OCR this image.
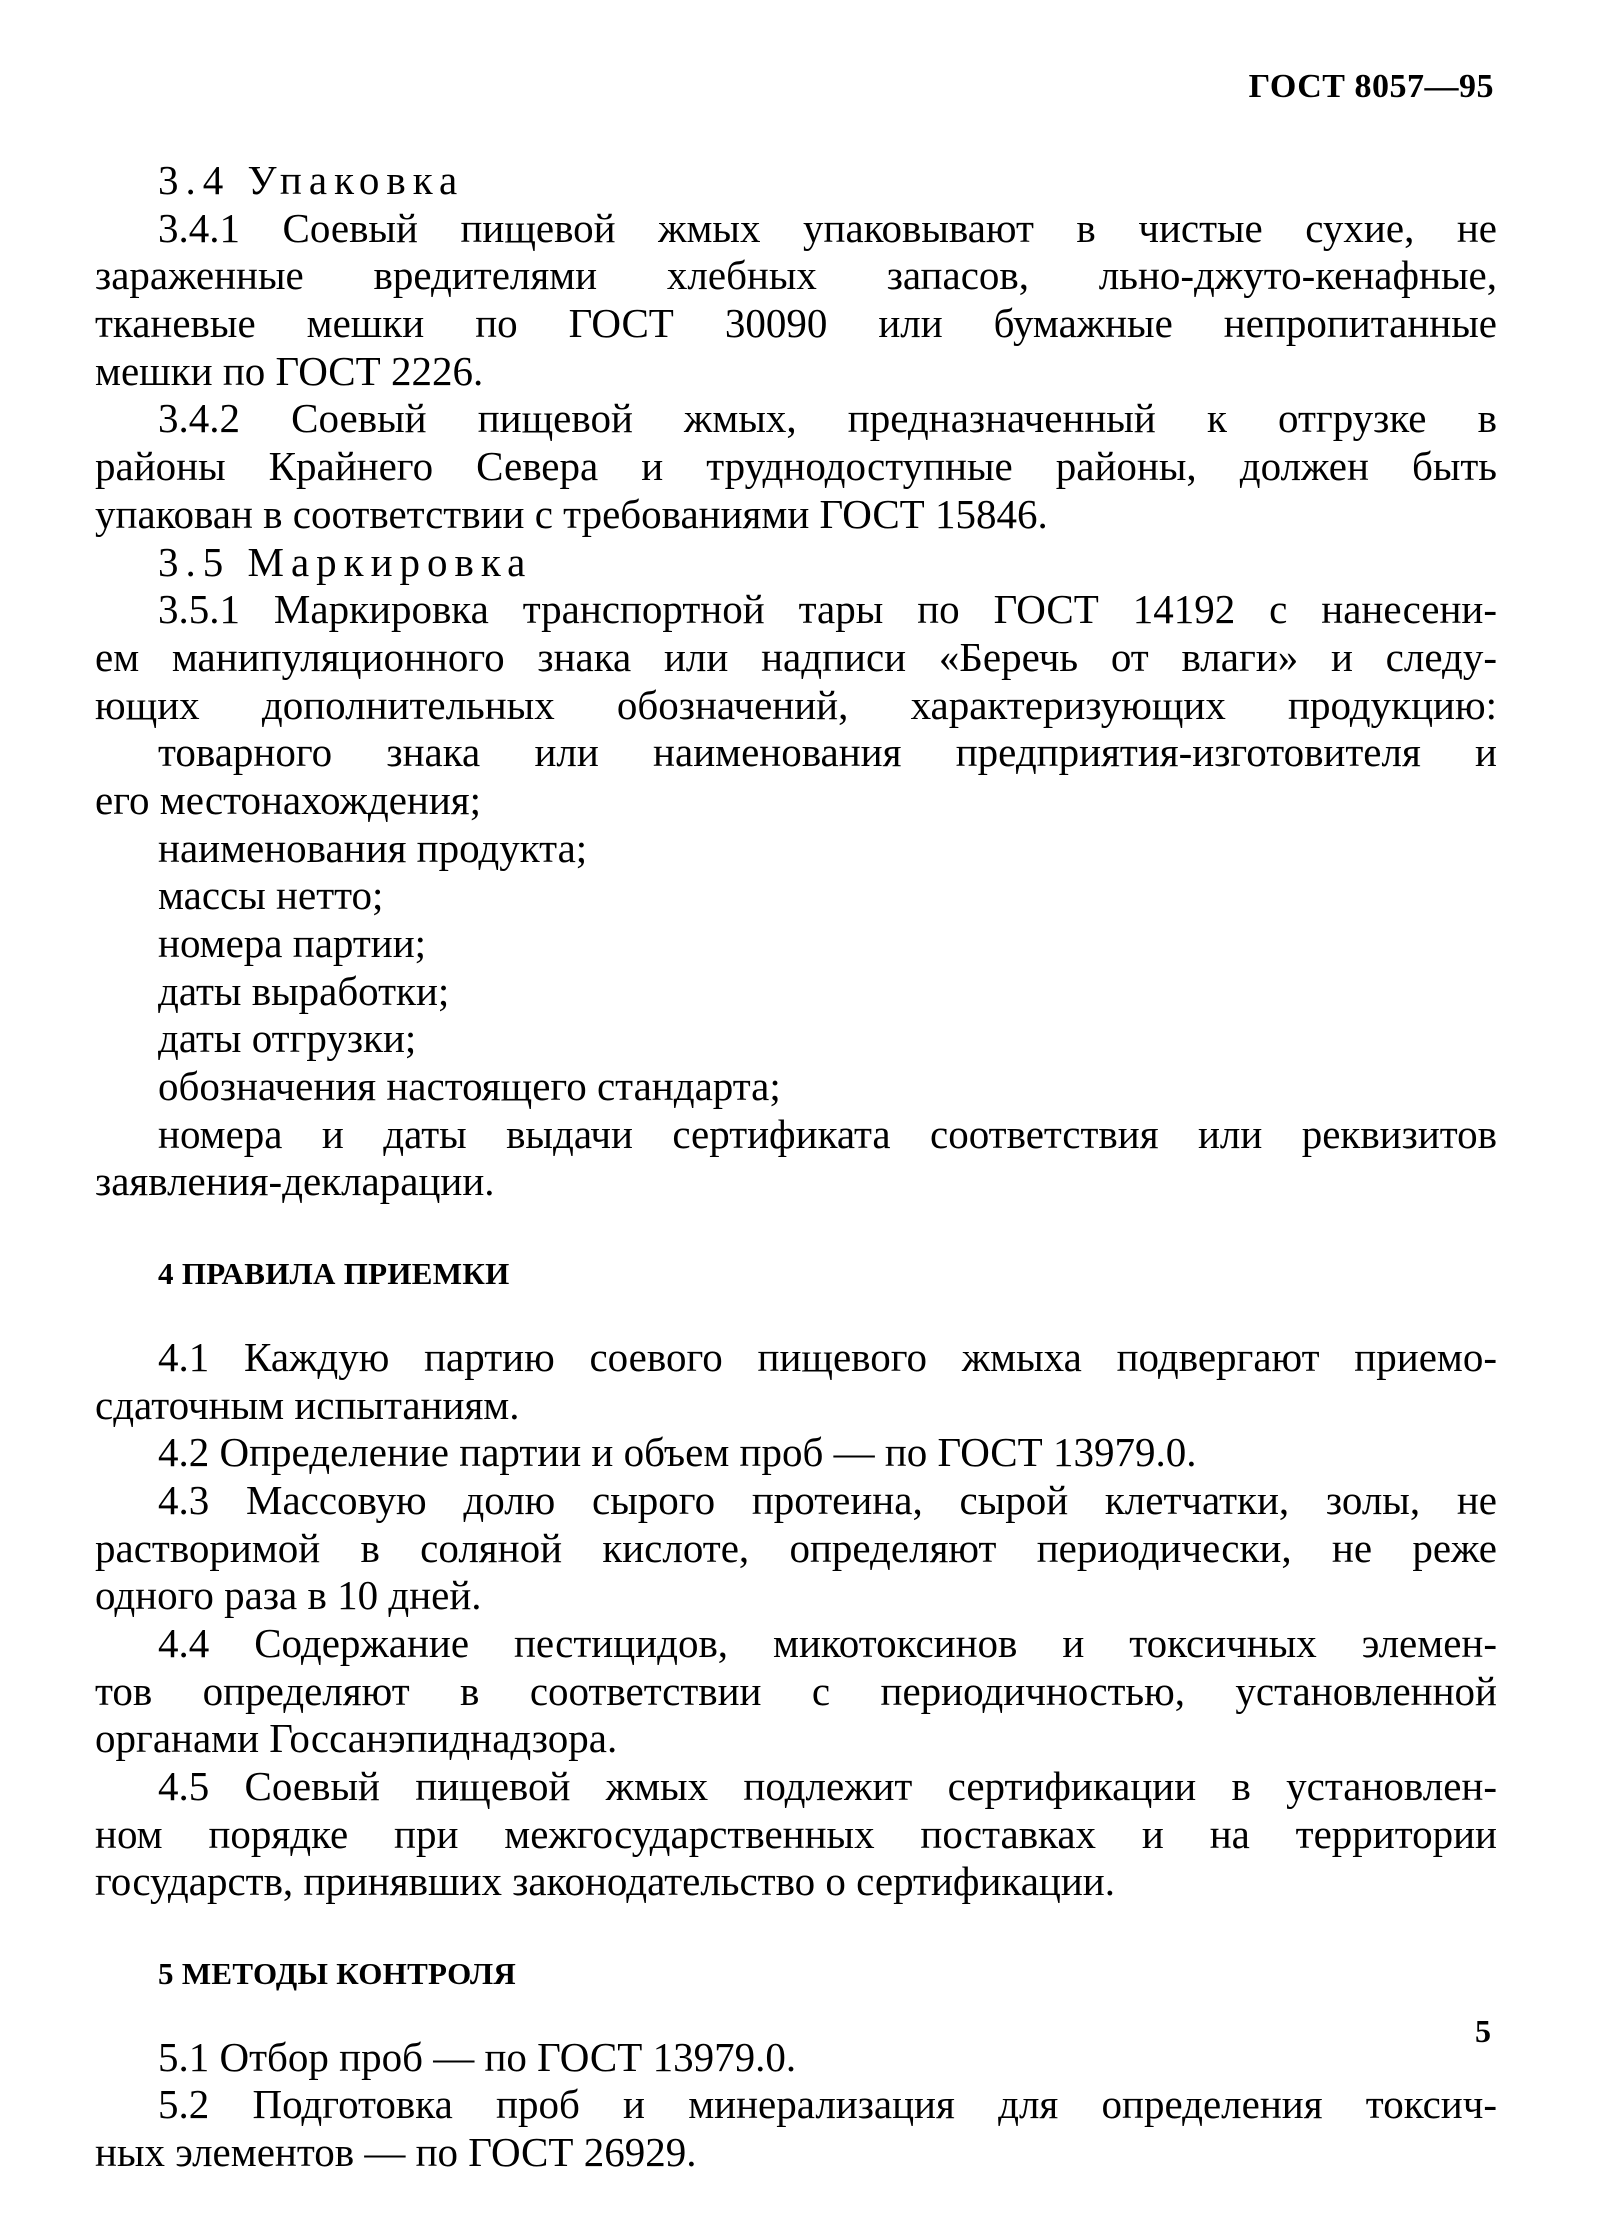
ГОСТ 8057—95
3.4 Упаковка
3.4.1 Соевый пищевой жмых упаковывают в чистые сухие, не
зараженные вредителями хлебных запасов, льно-джуто-кенафные,
тканевые мешки по ГОСТ 30090 или бумажные непропитанные
мешки по ГОСТ 2226.
3.4.2 Соевый пищевой жмых, предназначенный к отгрузке в
районы Крайнего Севера и труднодоступные районы, должен быть
упакован в соответствии с требованиями ГОСТ 15846.
3.5 Маркировка
3.5.1 Маркировка транспортной тары по ГОСТ 14192 с нанесени-
ем манипуляционного знака или надписи «Беречь от влаги» и следу-
ющих дополнительных обозначений, характеризующих продукцию:
товарного знака или наименования предприятия-изготовителя и
его местонахождения;
наименования продукта;
массы нетто;
номера партии;
даты выработки;
даты отгрузки;
обозначения настоящего стандарта;
номера и даты выдачи сертификата соответствия или реквизитов
заявления-декларации.
4 ПРАВИЛА ПРИЕМКИ
4.1 Каждую партию соевого пищевого жмыха подвергают приемо-
сдаточным испытаниям.
4.2 Определение партии и объем проб — по ГОСТ 13979.0.
4.3 Массовую долю сырого протеина, сырой клетчатки, золы, не
растворимой в соляной кислоте, определяют периодически, не реже
одного раза в 10 дней.
4.4 Содержание пестицидов, микотоксинов и токсичных элемен-
тов определяют в соответствии с периодичностью, установленной
органами Госсанэпиднадзора.
4.5 Соевый пищевой жмых подлежит сертификации в установлен-
ном порядке при межгосударственных поставках и на территории
государств, принявших законодательство о сертификации.
5 МЕТОДЫ КОНТРОЛЯ
5.1 Отбор проб — по ГОСТ 13979.0.
5.2 Подготовка проб и минерализация для определения токсич-
ных элементов — по ГОСТ 26929.
5
